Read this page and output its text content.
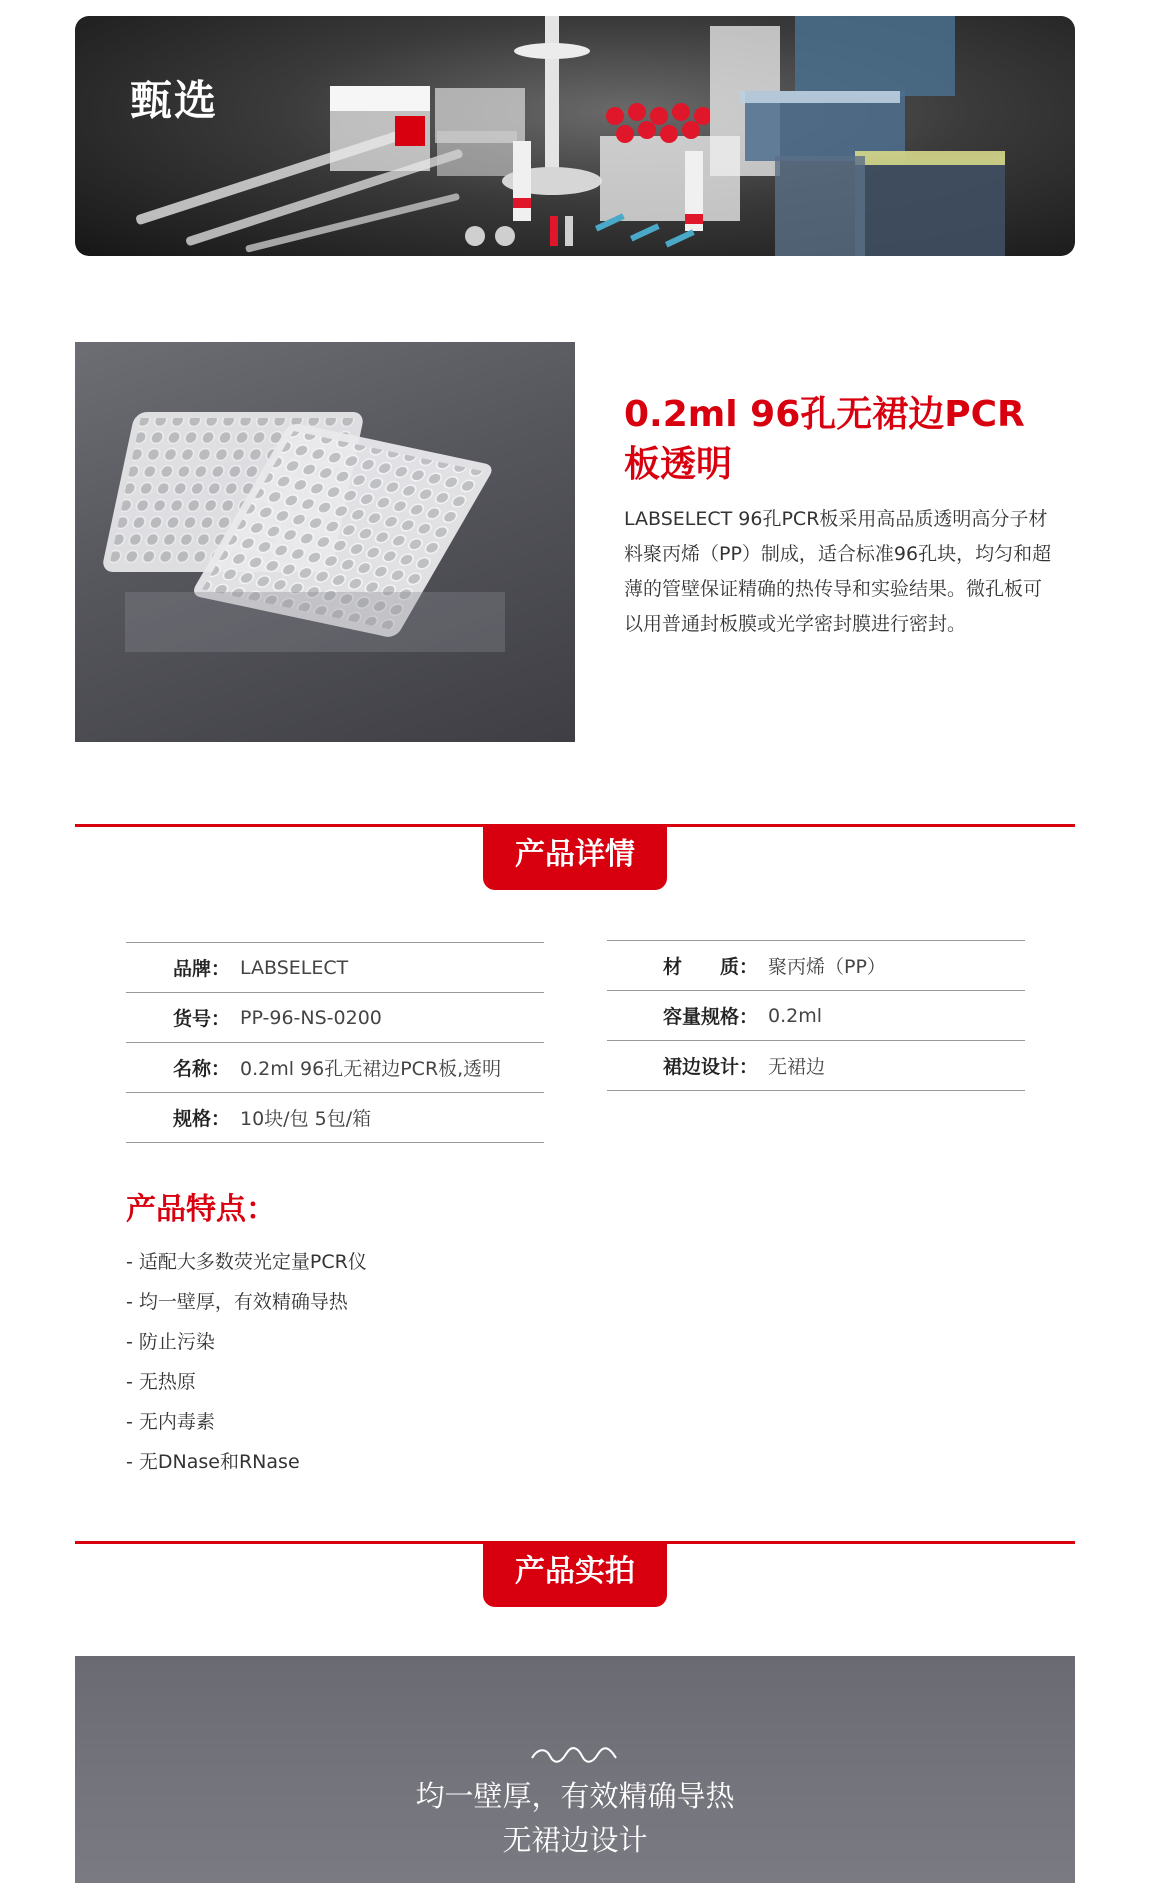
甄选
0.2ml 96孔无裙边PCR板透明

LABSELECT 96孔PCR板采用高品质透明高分子材料聚丙烯（PP）制成，适合标准96孔块，均匀和超薄的管壁保证精确的热传导和实验结果。微孔板可以用普通封板膜或光学密封膜进行密封。

产品详情
品牌： LABSELECT
货号： PP-96-NS-0200
名称： 0.2ml 96孔无裙边PCR板,透明
规格： 10块/包 5包/箱
材　　质： 聚丙烯（PP）
容量规格： 0.2ml
裙边设计： 无裙边
产品特点：
- 适配大多数荧光定量PCR仪
- 均一壁厚，有效精确导热
- 防止污染
- 无热原
- 无内毒素
- 无DNase和RNase
产品实拍
均一壁厚，有效精确导热
无裙边设计
